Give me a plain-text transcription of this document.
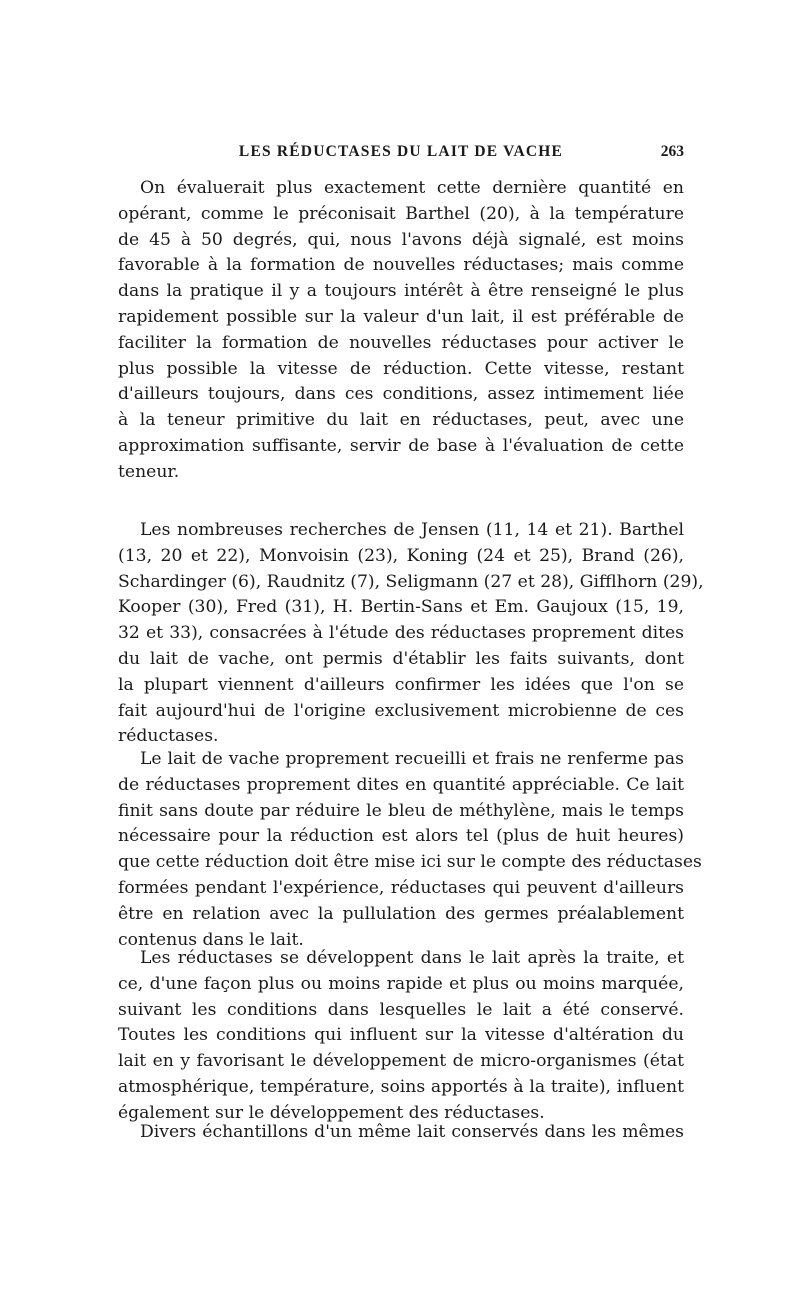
LES RÉDUCTASES DU LAIT DE VACHE	263
On évaluerait plus exactement cette dernière quantité en
opérant, comme le préconisait Barthel (20), à la température
de 45 à 50 degrés, qui, nous l'avons déjà signalé, est moins
favorable à la formation de nouvelles réductases; mais comme
dans la pratique il y a toujours intérêt à être renseigné le plus
rapidement possible sur la valeur d'un lait, il est préférable de
faciliter la formation de nouvelles réductases pour activer le
plus possible la vitesse de réduction. Cette vitesse, restant
d'ailleurs toujours, dans ces conditions, assez intimement liée
à la teneur primitive du lait en réductases, peut, avec une
approximation suffisante, servir de base à l'évaluation de cette
teneur.
Les nombreuses recherches de Jensen (11, 14 et 21). Barthel
(13, 20 et 22), Monvoisin (23), Koning (24 et 25), Brand (26),
Schardinger (6), Raudnitz (7), Seligmann (27 et 28), Gifflhorn (29),
Kooper (30), Fred (31), H. Bertin-Sans et Em. Gaujoux (15, 19,
32 et 33), consacrées à l'étude des réductases proprement dites
du lait de vache, ont permis d'établir les faits suivants, dont
la plupart viennent d'ailleurs confirmer les idées que l'on se
fait aujourd'hui de l'origine exclusivement microbienne de ces
réductases.
Le lait de vache proprement recueilli et frais ne renferme pas
de réductases proprement dites en quantité appréciable. Ce lait
finit sans doute par réduire le bleu de méthylène, mais le temps
nécessaire pour la réduction est alors tel (plus de huit heures)
que cette réduction doit être mise ici sur le compte des réductases
formées pendant l'expérience, réductases qui peuvent d'ailleurs
être en relation avec la pullulation des germes préalablement
contenus dans le lait.
Les réductases se développent dans le lait après la traite, et
ce, d'une façon plus ou moins rapide et plus ou moins marquée,
suivant les conditions dans lesquelles le lait a été conservé.
Toutes les conditions qui influent sur la vitesse d'altération du
lait en y favorisant le développement de micro-organismes (état
atmosphérique, température, soins apportés à la traite), influent
également sur le développement des réductases.
Divers échantillons d'un même lait conservés dans les mêmes
